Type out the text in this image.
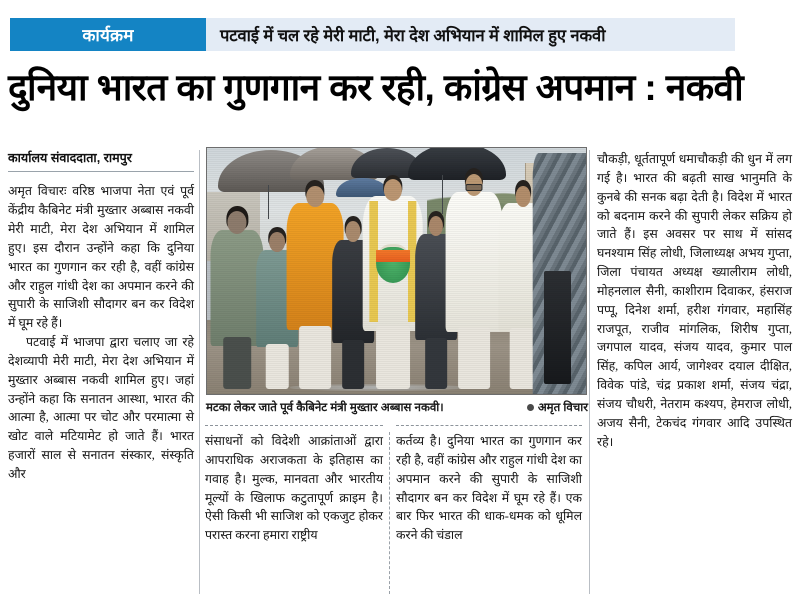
कार्यक्रम	पटवाई में चल रहे मेरी माटी, मेरा देश अभियान में शामिल हुए नकवी
दुनिया भारत का गुणगान कर रही, कांग्रेस अपमान : नकवी
कार्यालय संवाददाता, रामपुर

अमृत विचारः वरिष्ठ भाजपा नेता एवं पूर्व केंद्रीय कैबिनेट मंत्री मुख्तार अब्बास नकवी मेरी माटी, मेरा देश अभियान में शामिल हुए। इस दौरान उन्होंने कहा कि दुनिया भारत का गुणगान कर रही है, वहीं कांग्रेस और राहुल गांधी देश का अपमान करने की सुपारी के साजिशी सौदागर बन कर विदेश में घूम रहे हैं।

पटवाई में भाजपा द्वारा चलाए जा रहे देशव्यापी मेरी माटी, मेरा देश अभियान में मुख्तार अब्बास नकवी शामिल हुए। जहां उन्होंने कहा कि सनातन आस्था, भारत की आत्मा है, आत्मा पर चोट और परमात्मा से खोट वाले मटियामेट हो जाते हैं। भारत हजारों साल से सनातन संस्कार, संस्कृति और

मटका लेकर जाते पूर्व कैबिनेट मंत्री मुख्तार अब्बास नकवी।	अमृत विचार

संसाधनों को विदेशी आक्रांताओं द्वारा आपराधिक अराजकता के इतिहास का गवाह है। मुल्क, मानवता और भारतीय मूल्यों के खिलाफ कटुतापूर्ण क्राइम है। ऐसी किसी भी साजिश को एकजुट होकर परास्त करना हमारा राष्ट्रीय

कर्तव्य है। दुनिया भारत का गुणगान कर रही है, वहीं कांग्रेस और राहुल गांधी देश का अपमान करने की सुपारी के साजिशी सौदागर बन कर विदेश में घूम रहे हैं। एक बार फिर भारत की धाक-धमक को धूमिल करने की चंडाल

चौकड़ी, धूर्ततापूर्ण धमाचौकड़ी की धुन में लग गई है। भारत की बढ़ती साख भानुमति के कुनबे की सनक बढ़ा देती है। विदेश में भारत को बदनाम करने की सुपारी लेकर सक्रिय हो जाते हैं। इस अवसर पर साथ में सांसद घनश्याम सिंह लोधी, जिलाध्यक्ष अभय गुप्ता, जिला पंचायत अध्यक्ष ख्यालीराम लोधी, मोहनलाल सैनी, काशीराम दिवाकर, हंसराज पप्पू, दिनेश शर्मा, हरीश गंगवार, महासिंह राजपूत, राजीव मांगलिक, शिरीष गुप्ता, जगपाल यादव, संजय यादव, कुमार पाल सिंह, कपिल आर्य, जागेश्वर दयाल दीक्षित, विवेक पांडे, चंद्र प्रकाश शर्मा, संजय चंद्रा, संजय चौधरी, नेतराम कश्यप, हेमराज लोधी, अजय सैनी, टेकचंद गंगवार आदि उपस्थित रहे।
